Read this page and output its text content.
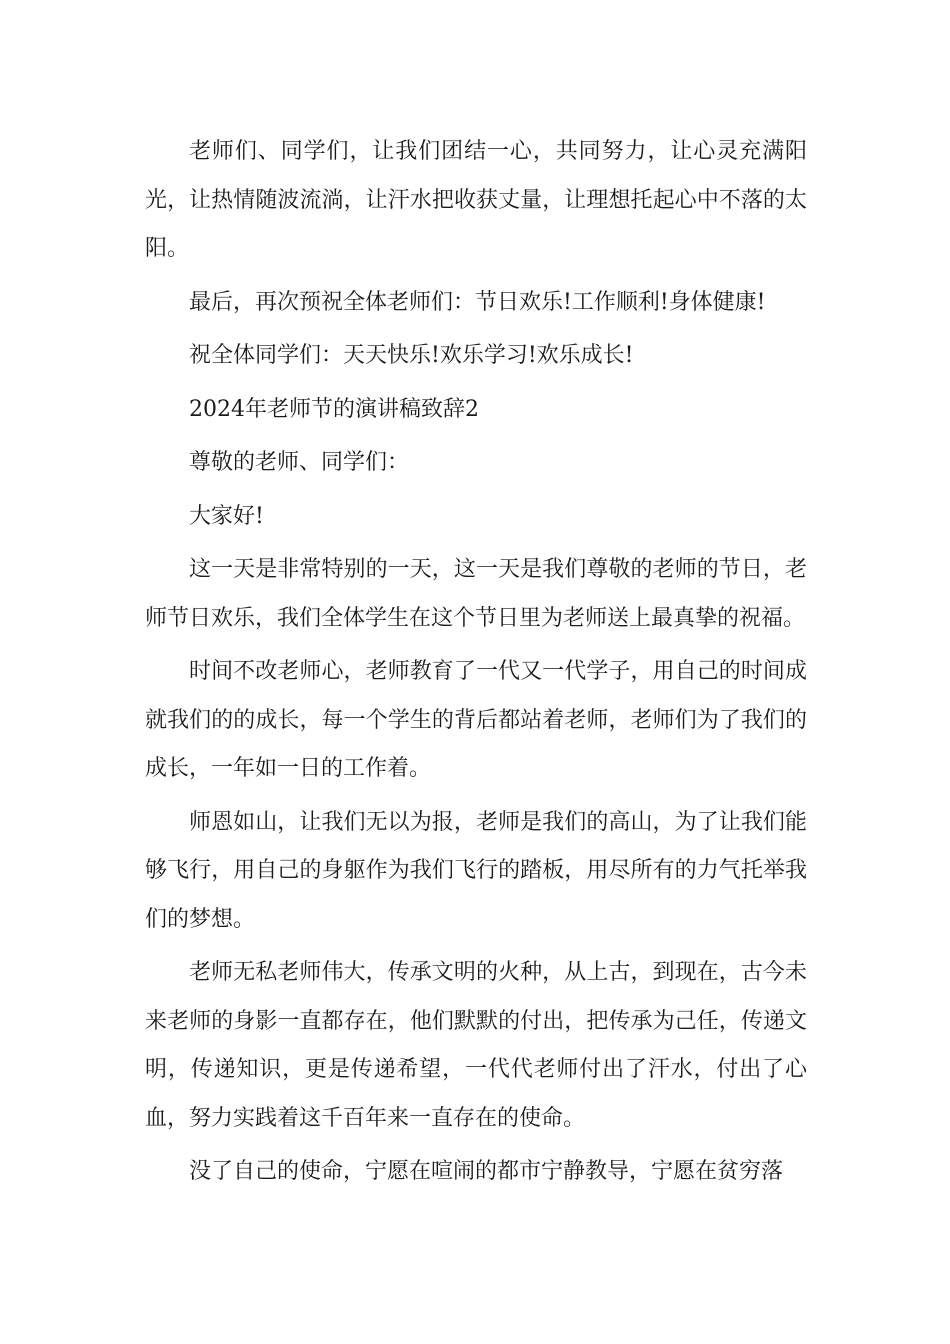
老师们、同学们，让我们团结一心，共同努力，让心灵充满阳光，让热情随波流淌，让汗水把收获丈量，让理想托起心中不落的太阳。

最后，再次预祝全体老师们：节日欢乐!工作顺利!身体健康!

祝全体同学们：天天快乐!欢乐学习!欢乐成长!

2024年老师节的演讲稿致辞2

尊敬的老师、同学们：

大家好!

这一天是非常特别的一天，这一天是我们尊敬的老师的节日，老师节日欢乐，我们全体学生在这个节日里为老师送上最真挚的祝福。

时间不改老师心，老师教育了一代又一代学子，用自己的时间成就我们的的成长，每一个学生的背后都站着老师，老师们为了我们的成长，一年如一日的工作着。

师恩如山，让我们无以为报，老师是我们的高山，为了让我们能够飞行，用自己的身躯作为我们飞行的踏板，用尽所有的力气托举我们的梦想。

老师无私老师伟大，传承文明的火种，从上古，到现在，古今未来老师的身影一直都存在，他们默默的付出，把传承为己任，传递文明，传递知识，更是传递希望，一代代老师付出了汗水，付出了心血，努力实践着这千百年来一直存在的使命。

没了自己的使命，宁愿在喧闹的都市宁静教导，宁愿在贫穷落
